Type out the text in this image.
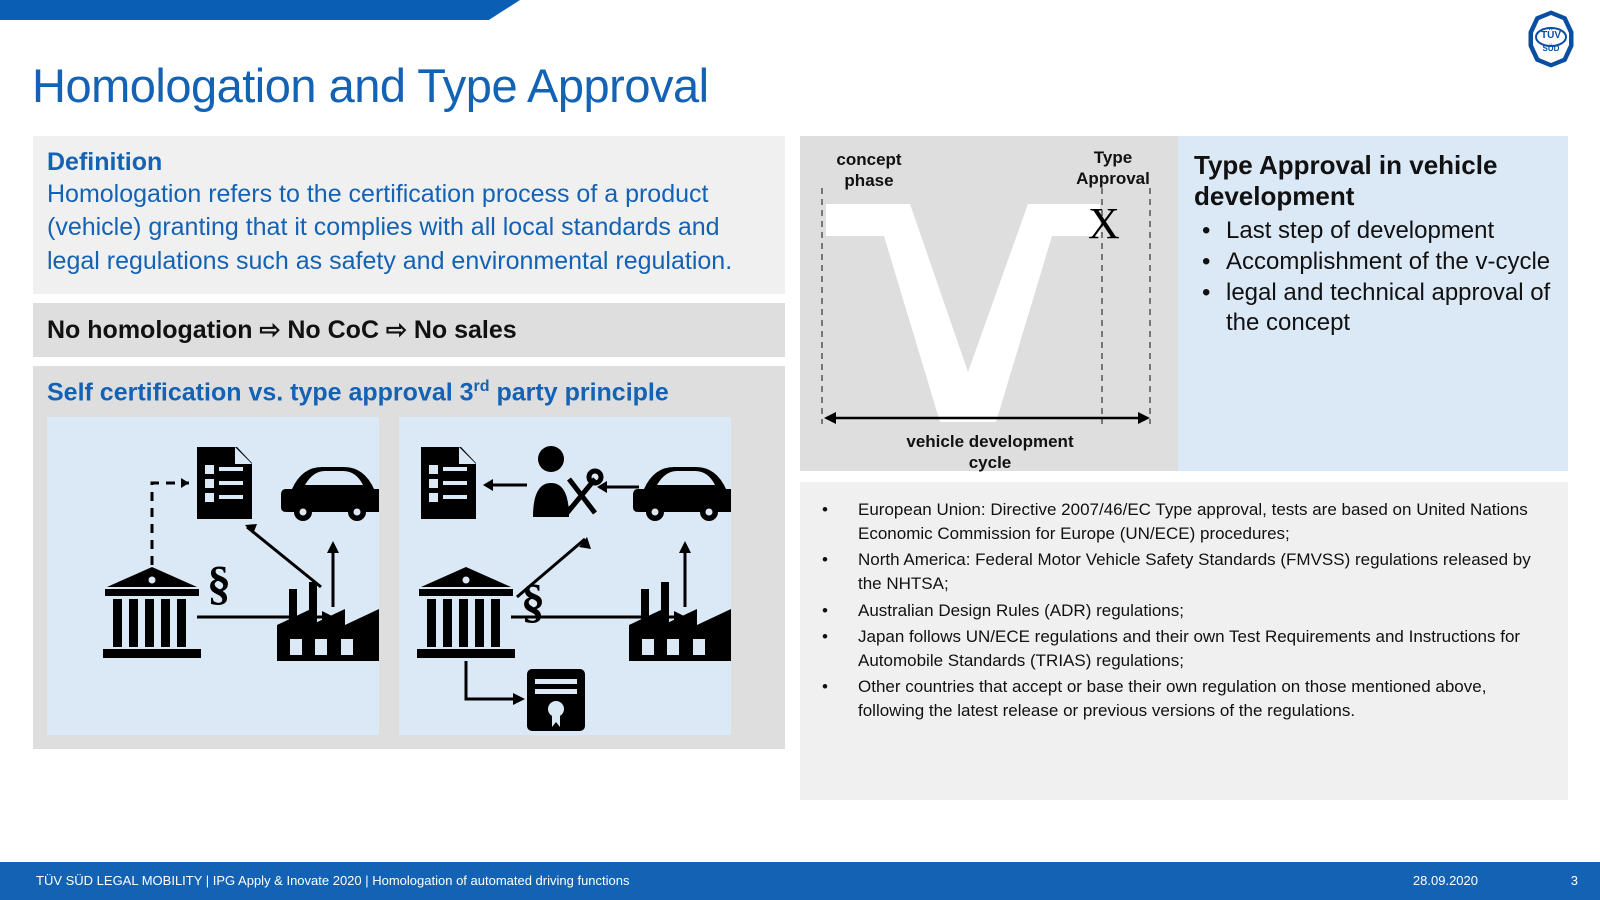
TÜV
SÜD
Homologation and Type Approval
Definition
Homologation refers to the certification process of a product (vehicle) granting that it complies with all local standards and legal regulations such as safety and environmental regulation.
No homologation ⇨ No CoC ⇨ No sales
Self certification vs. type approval 3rd party principle
§	§
concept
phase
Type
Approval
X
vehicle development
cycle
Type Approval in vehicle development
• Last step of development
• Accomplishment of the v-cycle
• legal and technical approval of the concept
• European Union: Directive 2007/46/EC Type approval, tests are based on United Nations Economic Commission for Europe (UN/ECE) procedures;
• North America: Federal Motor Vehicle Safety Standards (FMVSS) regulations released by the NHTSA;
• Australian Design Rules (ADR) regulations;
• Japan follows UN/ECE regulations and their own Test Requirements and Instructions for Automobile Standards (TRIAS) regulations;
• Other countries that accept or base their own regulation on those mentioned above, following the latest release or previous versions of the regulations.
TÜV SÜD LEGAL MOBILITY | IPG Apply & Inovate 2020 | Homologation of automated driving functions	28.09.2020	3
